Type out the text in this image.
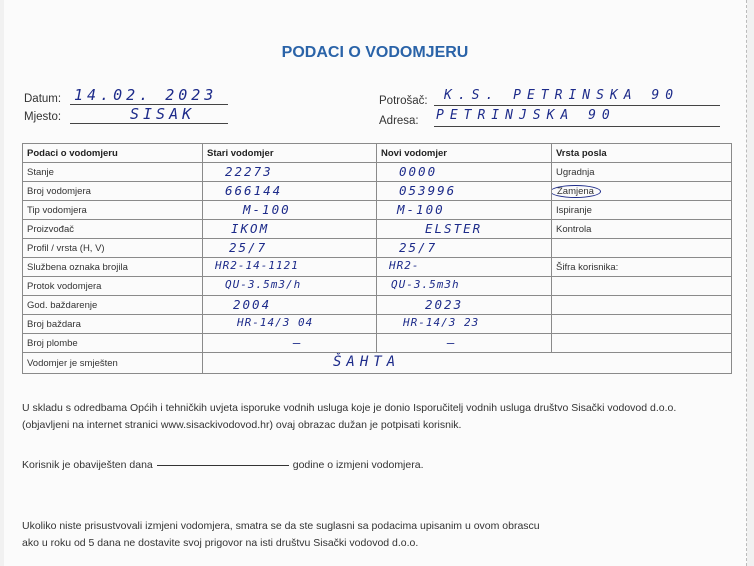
PODACI O VODOMJERU
Datum: 14.02. 2023
Mjesto:	SISAK
Potrošač: K.S. PETRINSKA 90
Adresa: PETRINJSKA 90
Podaci o vodomjeru	Stari vodomjer	Novi vodomjer	Vrsta posla
Stanje	22273	0000	Ugradnja
Broj vodomjera	666144	053996	Zamjena
Tip vodomjera	M-100	M-100	Ispiranje
Proizvođač	IKOM	ELSTER	Kontrola
Profil / vrsta (H, V)	25/7	25/7	

Službena oznaka brojila	HR2-14-1121	HR2-	Šifra korisnika:
Protok vodomjera	QU-3.5m3/h	QU-3.5m3h	

God. baždarenje	2004	2023	

Broj baždara	HR-14/3 04	HR-14/3 23	

Broj plombe	—	—	

Vodomjer je smješten	ŠAHTA		
U skladu s odredbama Općih i tehničkih uvjeta isporuke vodnih usluga koje je donio Isporučitelj vodnih usluga društvo Sisački vodovod d.o.o.
(objavljeni na internet stranici www.sisackivodovod.hr) ovaj obrazac dužan je potpisati korisnik.
Korisnik je obaviješten dana	godine o izmjeni vodomjera.
Ukoliko niste prisustvovali izmjeni vodomjera, smatra se da ste suglasni sa podacima upisanim u ovom obrascu
ako u roku od 5 dana ne dostavite svoj prigovor na isti društvu Sisački vodovod d.o.o.
